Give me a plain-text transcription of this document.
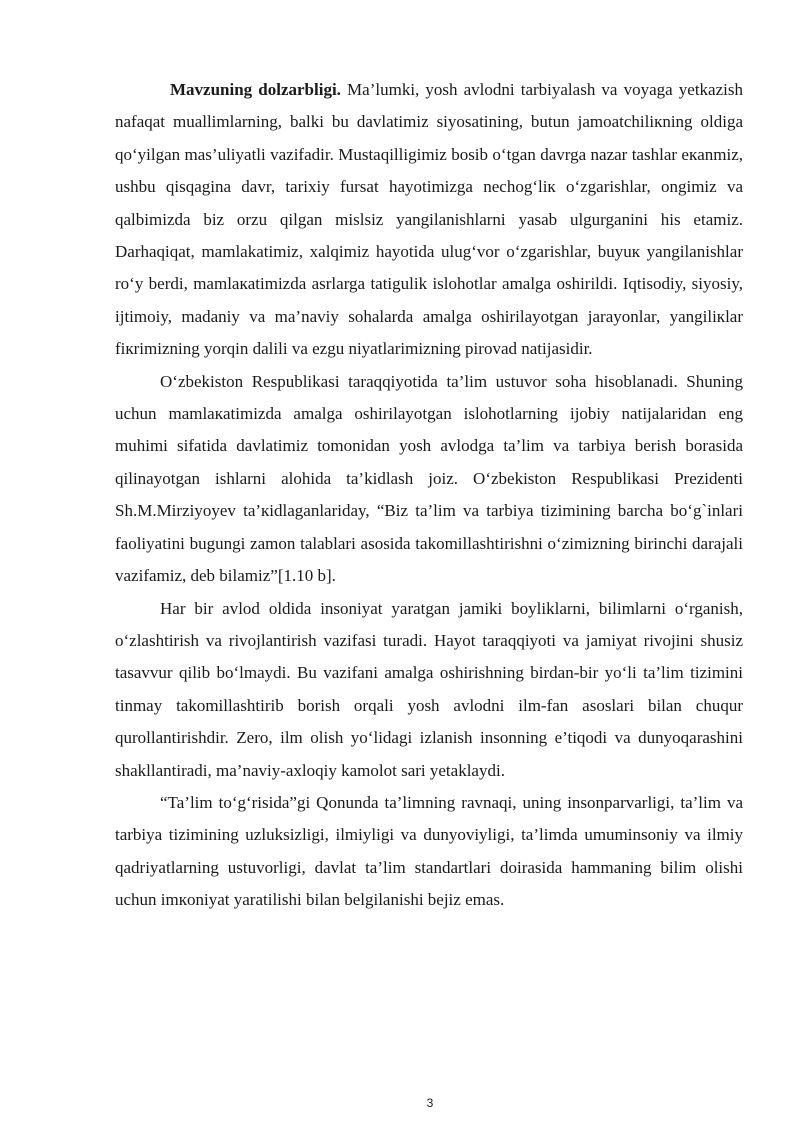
Mavzuning dolzarbligi. Ma’lumki, yosh avlodni tarbiyalash va voyaga yetkazish nafaqat muallimlarning, balki bu davlatimiz siyosatining, butun jamoatchiliкning oldiga qo‘yilgan mas’uliyatli vazifadir. Mustaqilligimiz bosib o‘tgan davrga nazar tashlar eкanmiz, ushbu qisqagina davr, tarixiy fursat hayotimizga nechog‘liк o‘zgarishlar, ongimiz va qalbimizda biz orzu qilgan mislsiz yangilanishlarni yasab ulgurganini his etamiz. Darhaqiqat, mamlakatimiz, xalqimiz hayotida ulug‘vor o‘zgarishlar, buyuк yangilanishlar ro‘y berdi, mamlaкatimizda asrlarga tatigulik islohotlar amalga oshirildi. Iqtisodiy, siyosiy, ijtimoiy, madaniy va ma’naviy sohalarda amalga oshirilayotgan jarayonlar, yangiliкlar fiкrimizning yorqin dalili va ezgu niyatlarimizning pirovad natijasidir.

O‘zbekiston Respublikasi taraqqiyotida ta’lim ustuvor soha hisoblanadi. Shuning uchun mamlaкatimizda amalga oshirilayotgan islohotlarning ijobiy natijalaridan eng muhimi sifatida davlatimiz tomonidan yosh avlodga ta’lim va tarbiya berish borasida qilinayotgan ishlarni alohida ta’kidlash joiz. O‘zbekiston Respublikasi Prezidenti Sh.M.Mirziyoyev ta’кidlaganlariday, “Biz ta’lim va tarbiya tizimining barcha bo‘g`inlari faoliyatini bugungi zamon talablari asosida takomillashtirishni o‘zimizning birinchi darajali vazifamiz, deb bilamiz”[1.10 b].

Har bir avlod oldida insoniyat yaratgan jamiki boyliklarni, bilimlarni o‘rganish, o‘zlashtirish va rivojlantirish vazifasi turadi. Hayot taraqqiyoti va jamiyat rivojini shusiz tasavvur qilib bo‘lmaydi. Bu vazifani amalga oshirishning birdan-bir yo‘li ta’lim tizimini tinmay takomillashtirib borish orqali yosh avlodni ilm-fan asoslari bilan chuqur qurollantirishdir. Zero, ilm olish yo‘lidagi izlanish insonning e’tiqodi va dunyoqarashini shakllantiradi, ma’naviy-axloqiy kamolot sari yetaklaydi.

“Ta’lim to‘g‘risida”gi Qonunda ta’limning ravnaqi, uning insonparvarligi, ta’lim va tarbiya tizimining uzluksizligi, ilmiyligi va dunyoviyligi, ta’limda umuminsoniy va ilmiy qadriyatlarning ustuvorligi, davlat ta’lim standartlari doirasida hammaning bilim olishi uchun imкoniyat yaratilishi bilan belgilanishi bejiz emas.

3
